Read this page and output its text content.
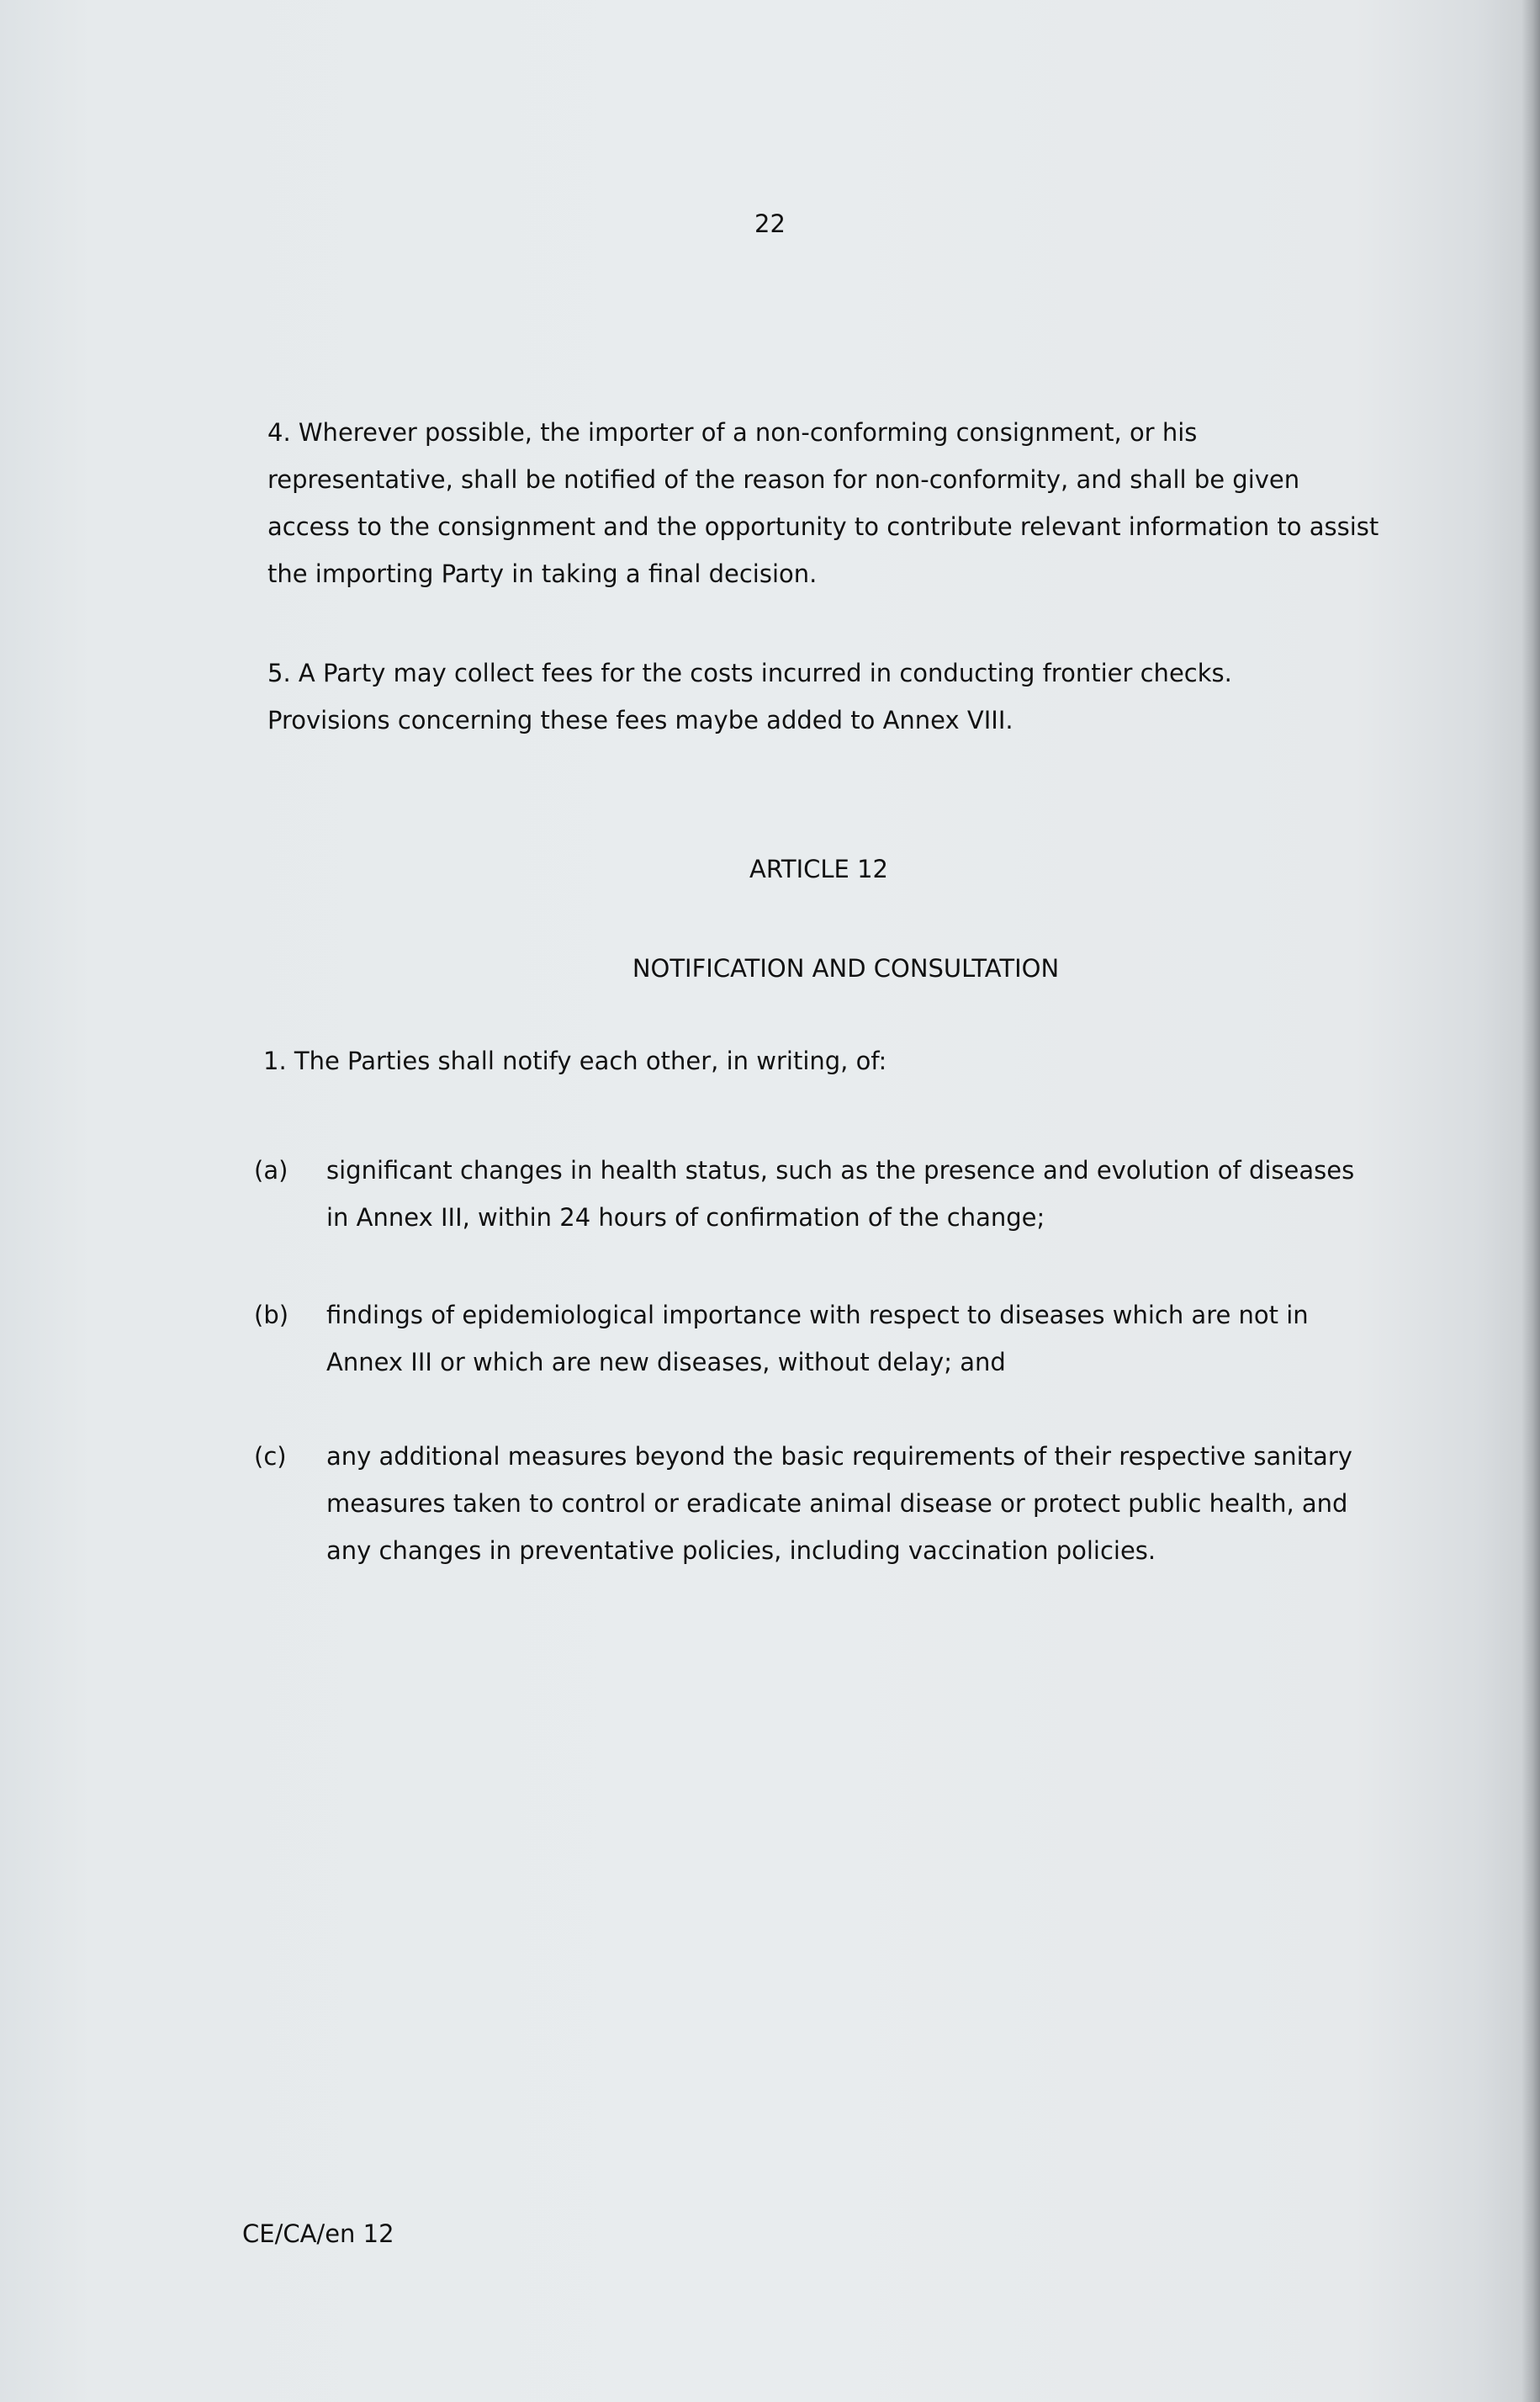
22
4. Wherever possible, the importer of a non-conforming consignment, or his
representative, shall be notified of the reason for non-conformity, and shall be given
access to the consignment and the opportunity to contribute relevant information to assist
the importing Party in taking a final decision.
5. A Party may collect fees for the costs incurred in conducting frontier checks.
Provisions concerning these fees maybe added to Annex VIII.
ARTICLE 12
NOTIFICATION AND CONSULTATION
1. The Parties shall notify each other, in writing, of:
(a) significant changes in health status, such as the presence and evolution of diseases
in Annex III, within 24 hours of confirmation of the change;
(b) findings of epidemiological importance with respect to diseases which are not in
Annex III or which are new diseases, without delay; and
(c) any additional measures beyond the basic requirements of their respective sanitary
measures taken to control or eradicate animal disease or protect public health, and
any changes in preventative policies, including vaccination policies.
CE/CA/en 12
